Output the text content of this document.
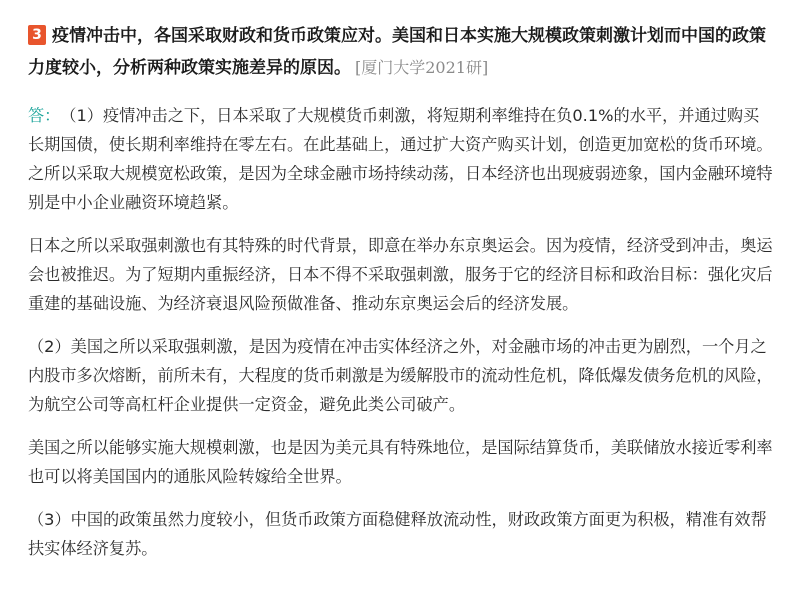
3 疫情冲击中，各国采取财政和货币政策应对。美国和日本实施大规模政策刺激计划而中国的政策力度较小，分析两种政策实施差异的原因。 [厦门大学2021研]

答： （1）疫情冲击之下，日本采取了大规模货币刺激，将短期利率维持在负0.1%的水平，并通过购买长期国债，使长期利率维持在零左右。在此基础上，通过扩大资产购买计划，创造更加宽松的货币环境。之所以采取大规模宽松政策，是因为全球金融市场持续动荡，日本经济也出现疲弱迹象，国内金融环境特别是中小企业融资环境趋紧。

日本之所以采取强刺激也有其特殊的时代背景，即意在举办东京奥运会。因为疫情，经济受到冲击，奥运会也被推迟。为了短期内重振经济，日本不得不采取强刺激，服务于它的经济目标和政治目标：强化灾后重建的基础设施、为经济衰退风险预做准备、推动东京奥运会后的经济发展。

（2）美国之所以采取强刺激，是因为疫情在冲击实体经济之外，对金融市场的冲击更为剧烈，一个月之内股市多次熔断，前所未有，大程度的货币刺激是为缓解股市的流动性危机，降低爆发债务危机的风险，为航空公司等高杠杆企业提供一定资金，避免此类公司破产。

美国之所以能够实施大规模刺激，也是因为美元具有特殊地位，是国际结算货币，美联储放水接近零利率也可以将美国国内的通胀风险转嫁给全世界。

（3）中国的政策虽然力度较小，但货币政策方面稳健释放流动性，财政政策方面更为积极，精准有效帮扶实体经济复苏。
